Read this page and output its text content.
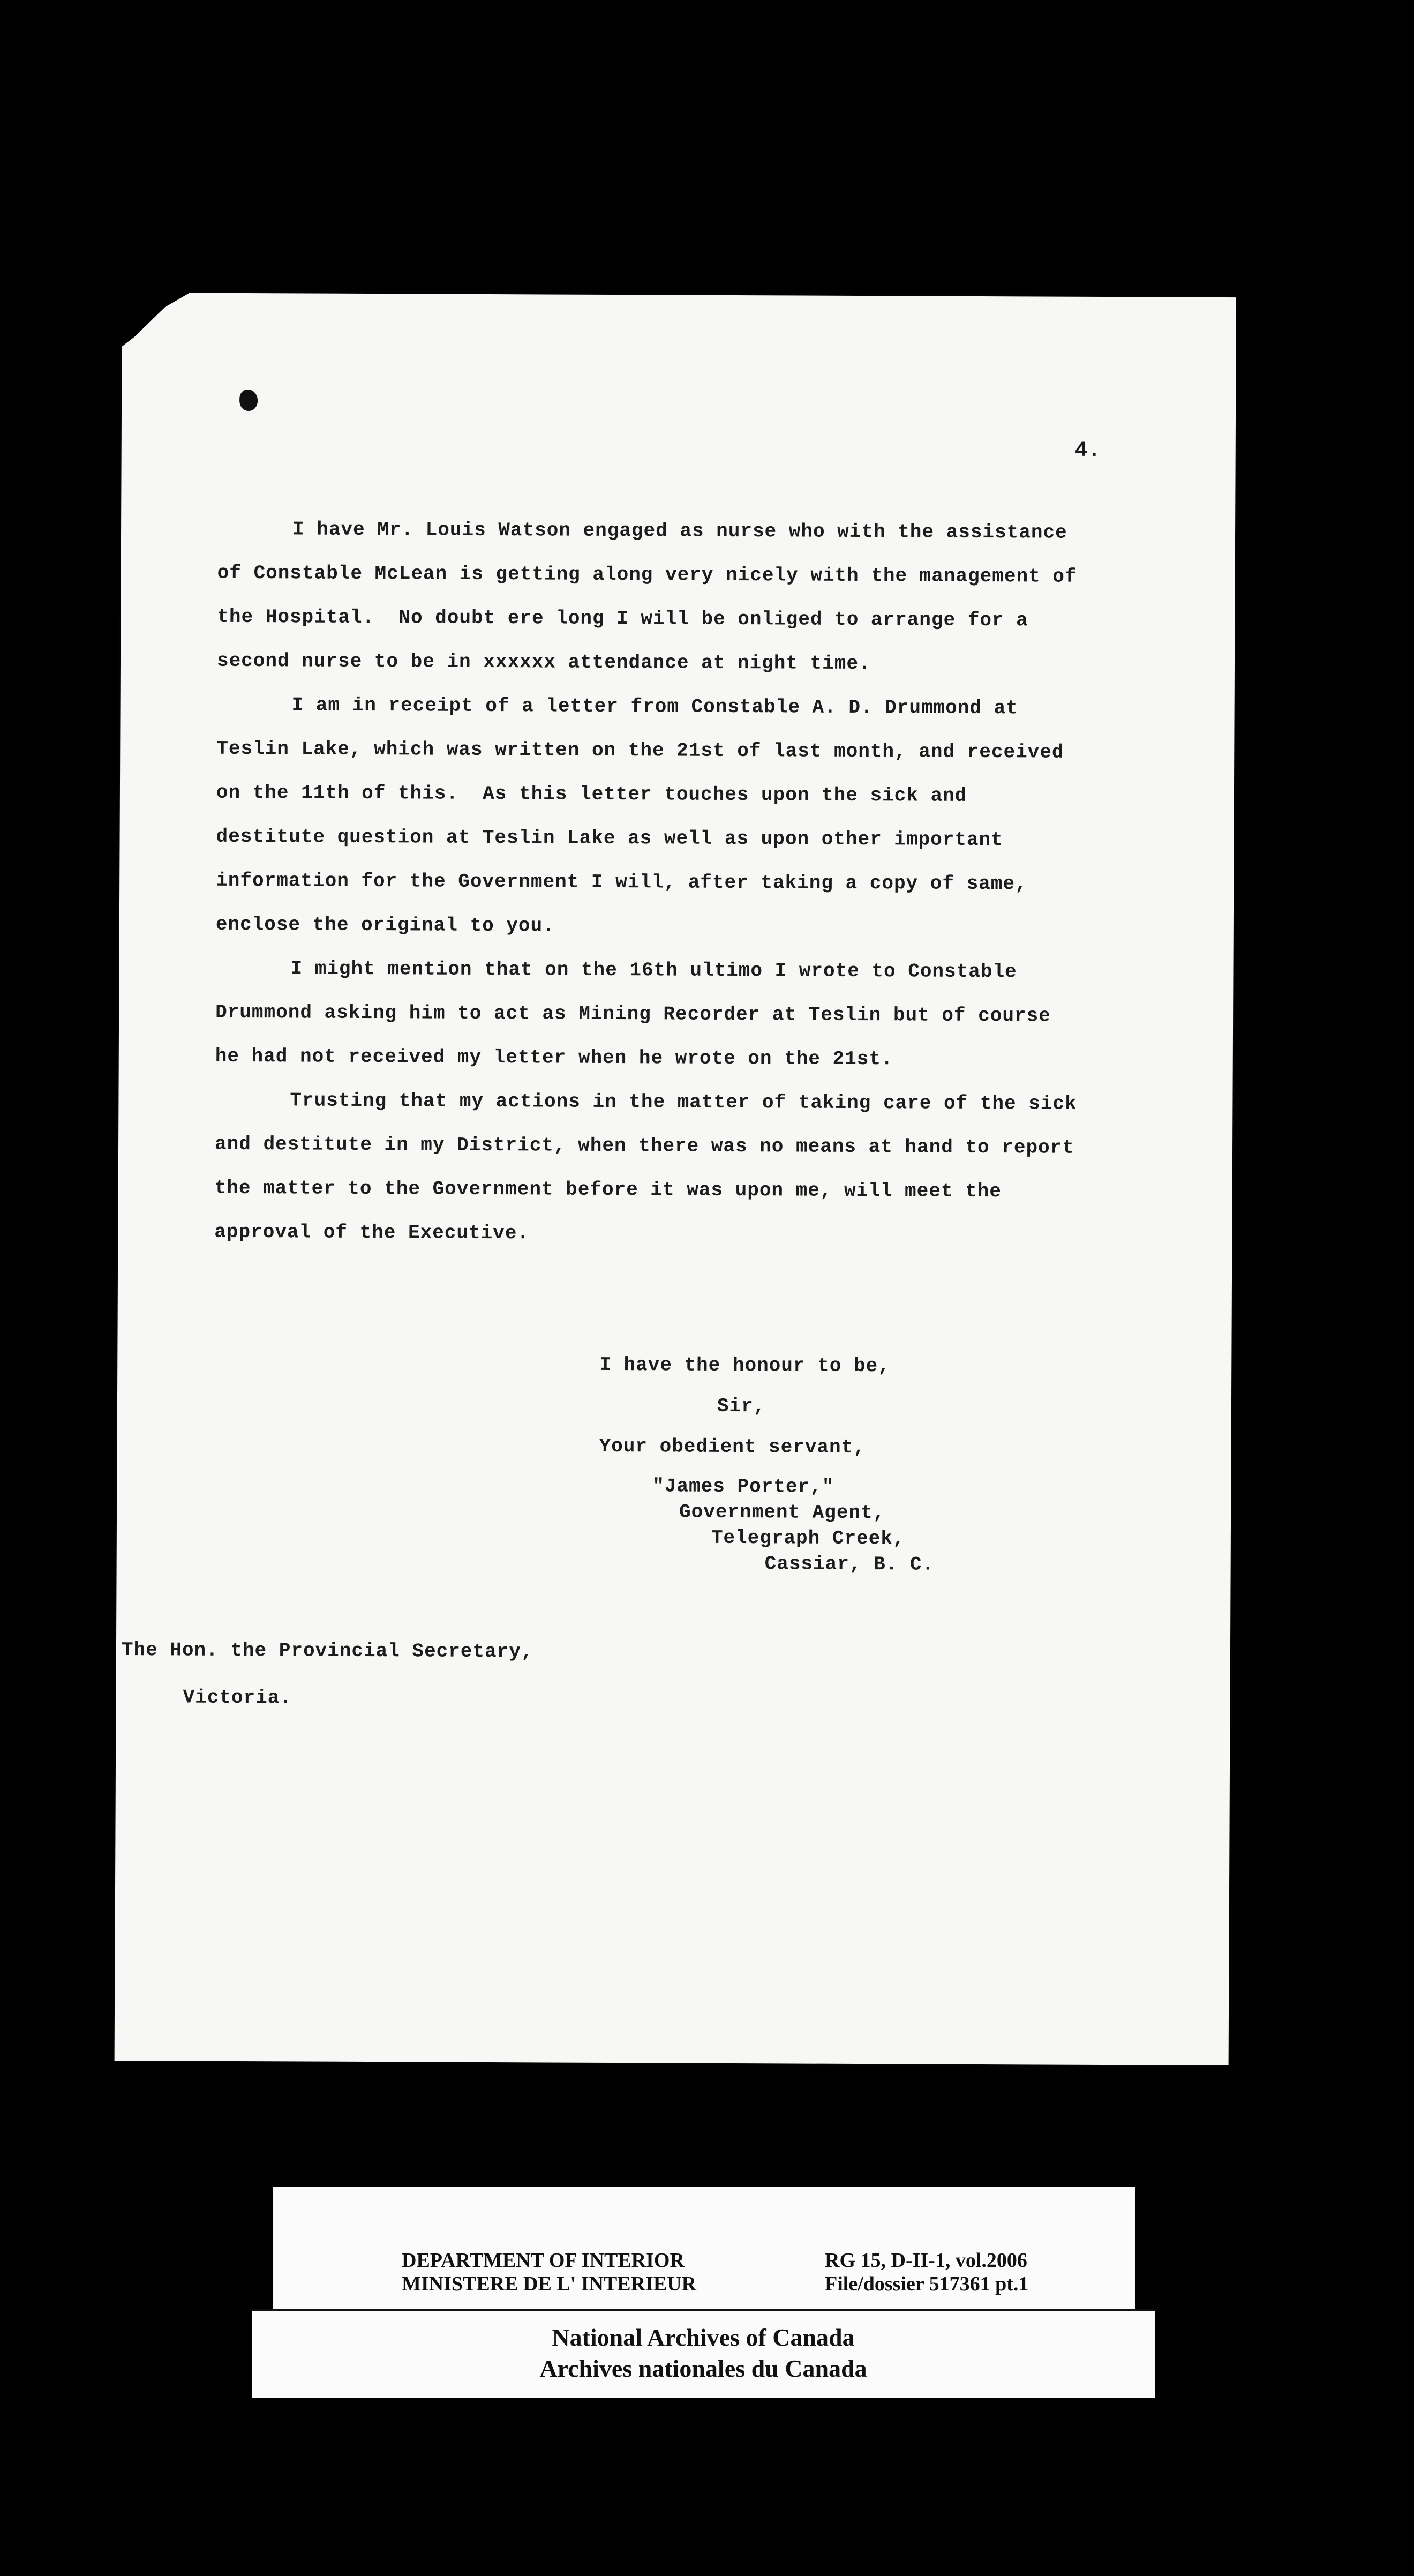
4.

I have Mr. Louis Watson engaged as nurse who with the assistance of Constable McLean is getting along very nicely with the management of the Hospital.  No doubt ere long I will be onliged to arrange for a second nurse to be in xxxxxx attendance at night time.

I am in receipt of a letter from Constable A. D. Drummond at Teslin Lake, which was written on the 21st of last month, and received on the 11th of this.  As this letter touches upon the sick and destitute question at Teslin Lake as well as upon other important information for the Government I will, after taking a copy of same, enclose the original to you.

I might mention that on the 16th ultimo I wrote to Constable Drummond asking him to act as Mining Recorder at Teslin but of course he had not received my letter when he wrote on the 21st.

Trusting that my actions in the matter of taking care of the sick and destitute in my District, when there was no means at hand to report the matter to the Government before it was upon me, will meet the approval of the Executive.

I have the honour to be,
Sir,
Your obedient servant,
"James Porter,"
Government Agent,
Telegraph Creek,
Cassiar, B. C.
The Hon. the Provincial Secretary,
Victoria.
DEPARTMENT OF INTERIOR
MINISTERE DE L' INTERIEUR
RG 15, D-II-1, vol.2006
File/dossier 517361 pt.1
National Archives of Canada
Archives nationales du Canada
